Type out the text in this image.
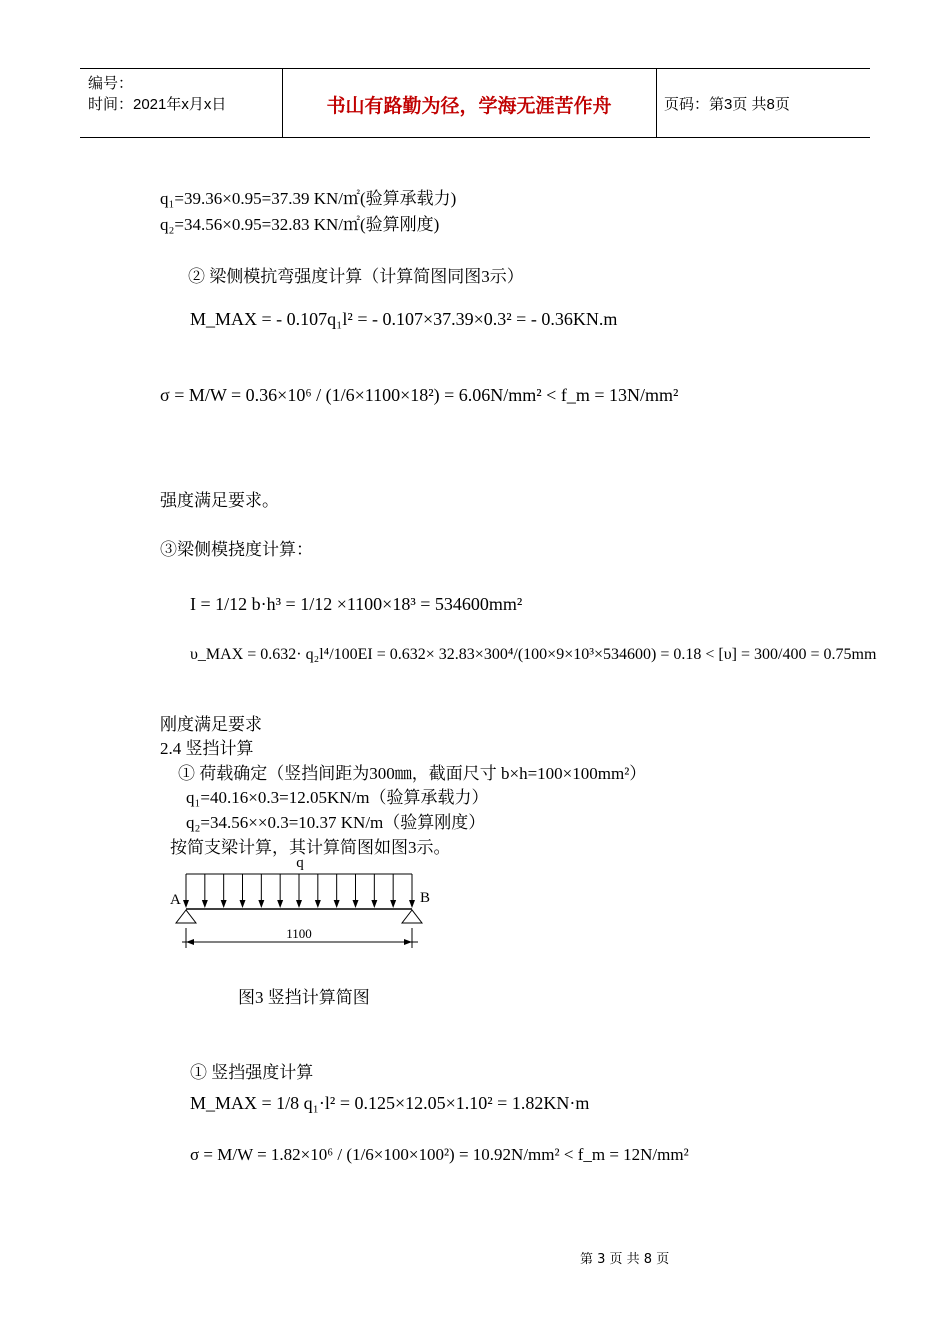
编号：
时间：2021年x月x日	书山有路勤为径，学海无涯苦作舟	页码：第3页 共8页
q₁=39.36×0.95=37.39 KN/㎡(验算承载力)
q₂=34.56×0.95=32.83 KN/㎡(验算刚度)
② 梁侧模抗弯强度计算（计算简图同图3示）
M_MAX = - 0.107q₁l² = - 0.107×37.39×0.3² = - 0.36KN.m
σ = M/W = 0.36×10⁶ / (1/6×1100×18²) = 6.06N/mm² < f_m = 13N/mm²
强度满足要求。
③梁侧模挠度计算：
I = 1/12 b·h³ = 1/12 ×1100×18³ = 534600mm²
υ_MAX = 0.632· q₂l⁴/100EI = 0.632× 32.83×300⁴/(100×9×10³×534600) = 0.18 < [υ] = 300/400 = 0.75mm
刚度满足要求
2.4 竖挡计算
① 荷载确定（竖挡间距为300㎜，截面尺寸 b×h=100×100mm²）
q₁=40.16×0.3=12.05KN/m（验算承载力）
q₂=34.56××0.3=10.37 KN/m（验算刚度）
按简支梁计算，其计算简图如图3示。
q
A	B
1100
图3 竖挡计算简图
① 竖挡强度计算
M_MAX = 1/8 q₁·l² = 0.125×12.05×1.10² = 1.82KN·m
σ = M/W = 1.82×10⁶ / (1/6×100×100²) = 10.92N/mm² < f_m = 12N/mm²
第 3 页 共 8 页
